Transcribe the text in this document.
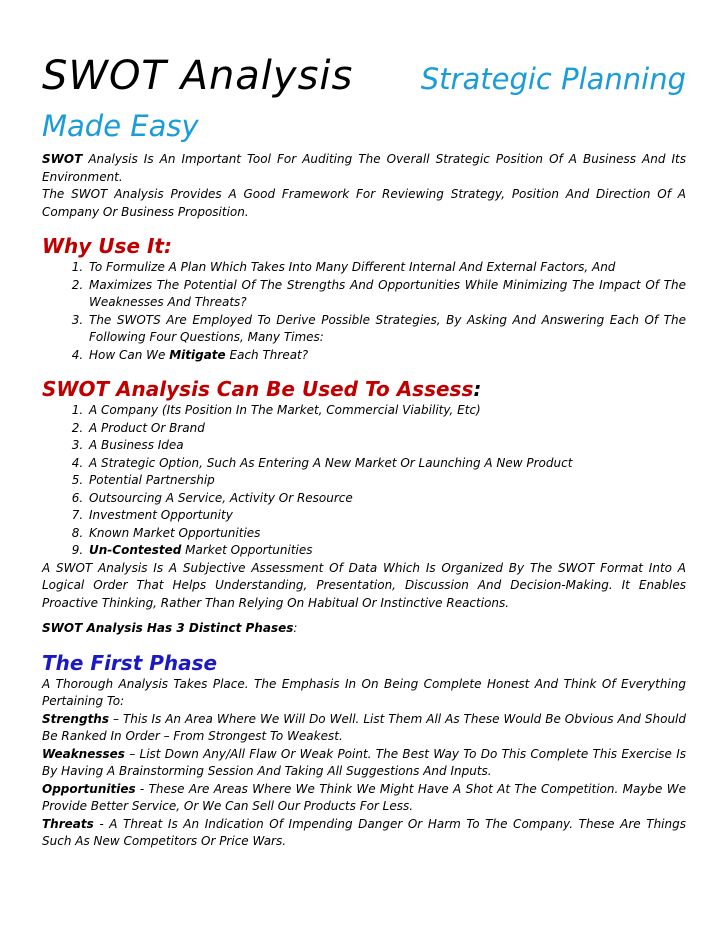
SWOT Analysis Strategic Planning
Made Easy

SWOT Analysis Is An Important Tool For Auditing The Overall Strategic Position Of A Business And Its Environment.

The SWOT Analysis Provides A Good Framework For Reviewing Strategy, Position And Direction Of A Company Or Business Proposition.

Why Use It:
1. To Formulize A Plan Which Takes Into Many Different Internal And External Factors, And
2. Maximizes The Potential Of The Strengths And Opportunities While Minimizing The Impact Of The Weaknesses And Threats?
3. The SWOTS Are Employed To Derive Possible Strategies, By Asking And Answering Each Of The Following Four Questions, Many Times:
4. How Can We Mitigate Each Threat?
SWOT Analysis Can Be Used To Assess:
1. A Company (Its Position In The Market, Commercial Viability, Etc)
2. A Product Or Brand
3. A Business Idea
4. A Strategic Option, Such As Entering A New Market Or Launching A New Product
5. Potential Partnership
6. Outsourcing A Service, Activity Or Resource
7. Investment Opportunity
8. Known Market Opportunities
9. Un-Contested Market Opportunities

A SWOT Analysis Is A Subjective Assessment Of Data Which Is Organized By The SWOT Format Into A Logical Order That Helps Understanding, Presentation, Discussion And Decision-Making. It Enables Proactive Thinking, Rather Than Relying On Habitual Or Instinctive Reactions.

SWOT Analysis Has 3 Distinct Phases:

The First Phase

A Thorough Analysis Takes Place. The Emphasis In On Being Complete Honest And Think Of Everything Pertaining To:

Strengths – This Is An Area Where We Will Do Well. List Them All As These Would Be Obvious And Should Be Ranked In Order – From Strongest To Weakest.

Weaknesses – List Down Any/All Flaw Or Weak Point. The Best Way To Do This Complete This Exercise Is By Having A Brainstorming Session And Taking All Suggestions And Inputs.

Opportunities - These Are Areas Where We Think We Might Have A Shot At The Competition. Maybe We Provide Better Service, Or We Can Sell Our Products For Less.

Threats - A Threat Is An Indication Of Impending Danger Or Harm To The Company. These Are Things Such As New Competitors Or Price Wars.
